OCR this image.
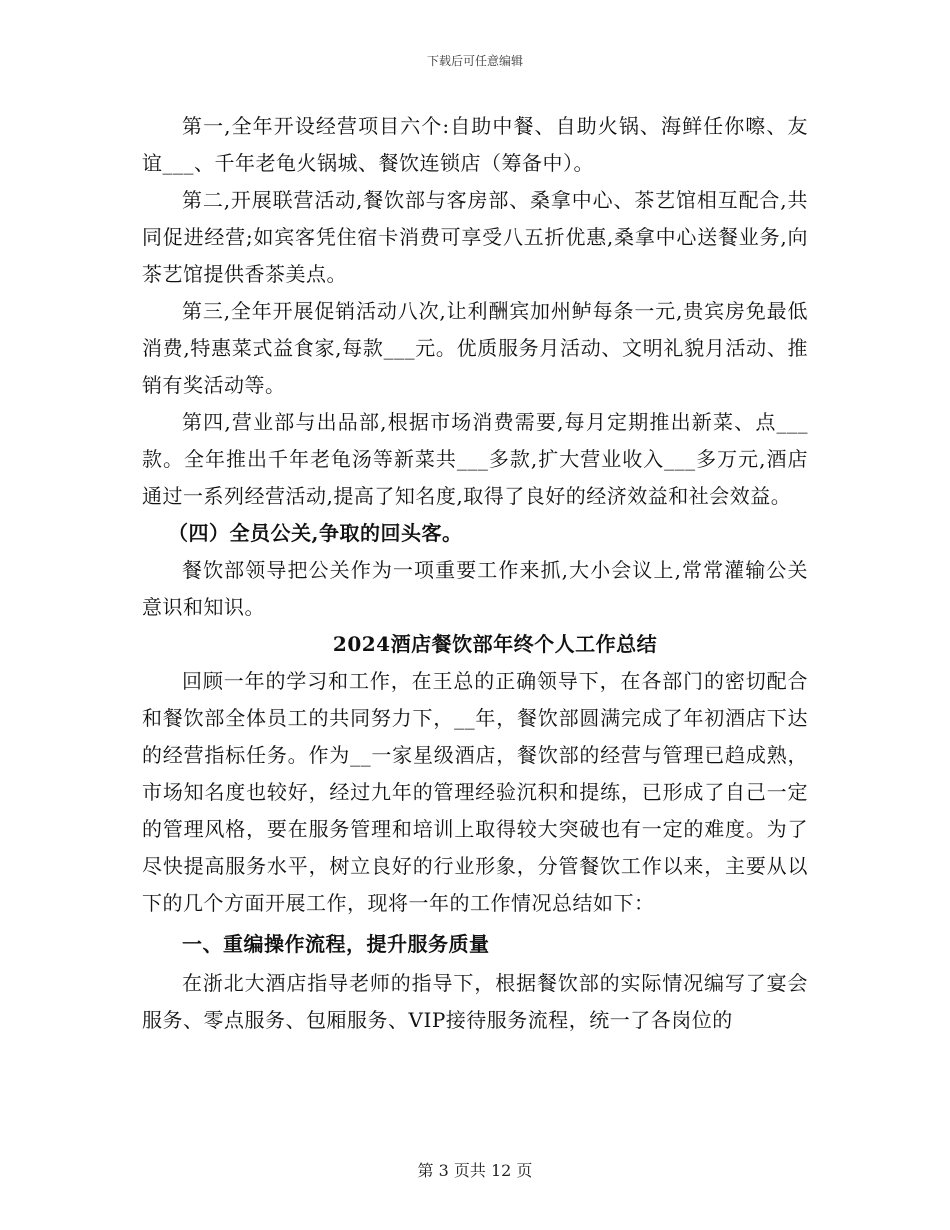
下载后可任意编辑

第一,全年开设经营项目六个:自助中餐、自助火锅、海鲜任你嚓、友谊___、千年老龟火锅城、餐饮连锁店（筹备中）。

第二,开展联营活动,餐饮部与客房部、桑拿中心、茶艺馆相互配合,共同促进经营;如宾客凭住宿卡消费可享受八五折优惠,桑拿中心送餐业务,向茶艺馆提供香茶美点。

第三,全年开展促销活动八次,让利酬宾加州鲈每条一元,贵宾房免最低消费,特惠菜式益食家,每款___元。优质服务月活动、文明礼貌月活动、推销有奖活动等。

第四,营业部与出品部,根据市场消费需要,每月定期推出新菜、点___款。全年推出千年老龟汤等新菜共___多款,扩大营业收入___多万元,酒店通过一系列经营活动,提高了知名度,取得了良好的经济效益和社会效益。

（四）全员公关,争取的回头客。

餐饮部领导把公关作为一项重要工作来抓,大小会议上,常常灌输公关意识和知识。

2024酒店餐饮部年终个人工作总结

回顾一年的学习和工作，在王总的正确领导下，在各部门的密切配合和餐饮部全体员工的共同努力下，__年，餐饮部圆满完成了年初酒店下达的经营指标任务。作为__一家星级酒店，餐饮部的经营与管理已趋成熟，市场知名度也较好，经过九年的管理经验沉积和提练，已形成了自己一定的管理风格，要在服务管理和培训上取得较大突破也有一定的难度。为了尽快提高服务水平，树立良好的行业形象，分管餐饮工作以来，主要从以下的几个方面开展工作，现将一年的工作情况总结如下：

一、重编操作流程，提升服务质量

在浙北大酒店指导老师的指导下，根据餐饮部的实际情况编写了宴会服务、零点服务、包厢服务、VIP接待服务流程，统一了各岗位的

第 3 页共 12 页
